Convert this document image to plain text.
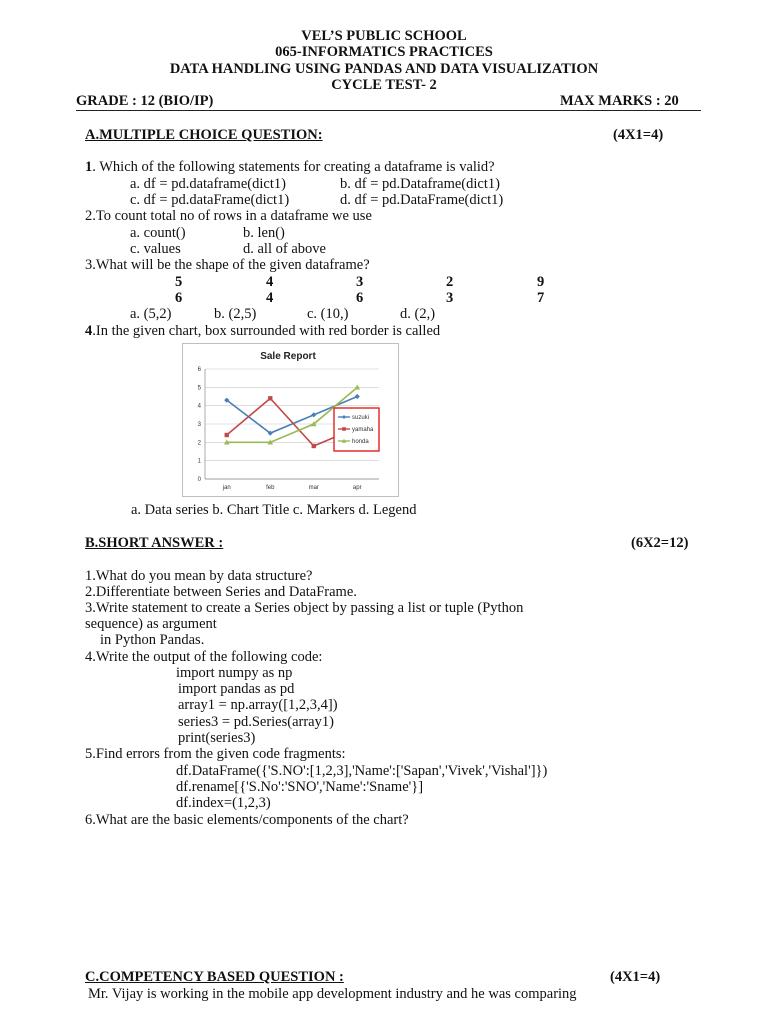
VEL’S PUBLIC SCHOOL
065-INFORMATICS PRACTICES
DATA HANDLING USING PANDAS AND DATA VISUALIZATION
CYCLE TEST- 2
GRADE : 12 (BIO/IP)	MAX MARKS : 20
A.MULTIPLE CHOICE QUESTION:	(4X1=4)
1. Which of the following statements for creating a dataframe is valid?
a. df = pd.dataframe(dict1)	b. df = pd.Dataframe(dict1)
c. df = pd.dataFrame(dict1)	d. df = pd.DataFrame(dict1)
2.To count total no of rows in a dataframe we use
a. count()	b. len()
c. values	d. all of above
3.What will be the shape of the given dataframe?
5	4	3	2	9
6	4	6	3	7
a. (5,2)	b. (2,5)	c. (10,)	d. (2,)
4.In the given chart, box surrounded with red border is called
Sale Report
0
1
2
3
4
5
6
jan	feb	mar	apr
suzuki
yamaha
honda
a. Data series b. Chart Title c. Markers d. Legend
B.SHORT ANSWER :	(6X2=12)
1.What do you mean by data structure?
2.Differentiate between Series and DataFrame.
3.Write statement to create a Series object by passing a list or tuple (Python
sequence) as argument
in Python Pandas.
4.Write the output of the following code:
import numpy as np
import pandas as pd
array1 = np.array([1,2,3,4])
series3 = pd.Series(array1)
print(series3)
5.Find errors from the given code fragments:
df.DataFrame({'S.NO':[1,2,3],'Name':['Sapan','Vivek','Vishal']})
df.rename[{'S.No':'SNO','Name':'Sname'}]
df.index=(1,2,3)
6.What are the basic elements/components of the chart?
C.COMPETENCY BASED QUESTION :	(4X1=4)
Mr. Vijay is working in the mobile app development industry and he was comparing
